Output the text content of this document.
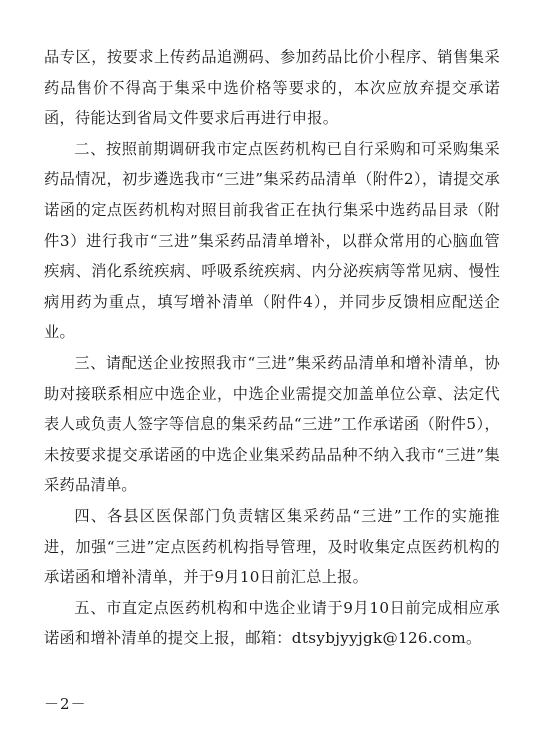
品专区，按要求上传药品追溯码、参加药品比价小程序、销售集采药品售价不得高于集采中选价格等要求的，本次应放弃提交承诺函，待能达到省局文件要求后再进行申报。

二、按照前期调研我市定点医药机构已自行采购和可采购集采药品情况，初步遴选我市“三进”集采药品清单（附件2），请提交承诺函的定点医药机构对照目前我省正在执行集采中选药品目录（附件3）进行我市“三进”集采药品清单增补，以群众常用的心脑血管疾病、消化系统疾病、呼吸系统疾病、内分泌疾病等常见病、慢性病用药为重点，填写增补清单（附件4），并同步反馈相应配送企业。

三、请配送企业按照我市“三进”集采药品清单和增补清单，协助对接联系相应中选企业，中选企业需提交加盖单位公章、法定代表人或负责人签字等信息的集采药品“三进”工作承诺函（附件5），未按要求提交承诺函的中选企业集采药品品种不纳入我市“三进”集采药品清单。

四、各县区医保部门负责辖区集采药品“三进”工作的实施推进，加强“三进”定点医药机构指导管理，及时收集定点医药机构的承诺函和增补清单，并于9月10日前汇总上报。

五、市直定点医药机构和中选企业请于9月10日前完成相应承诺函和增补清单的提交上报，邮箱：dtsybjyyjgk@126.com。

－2－
